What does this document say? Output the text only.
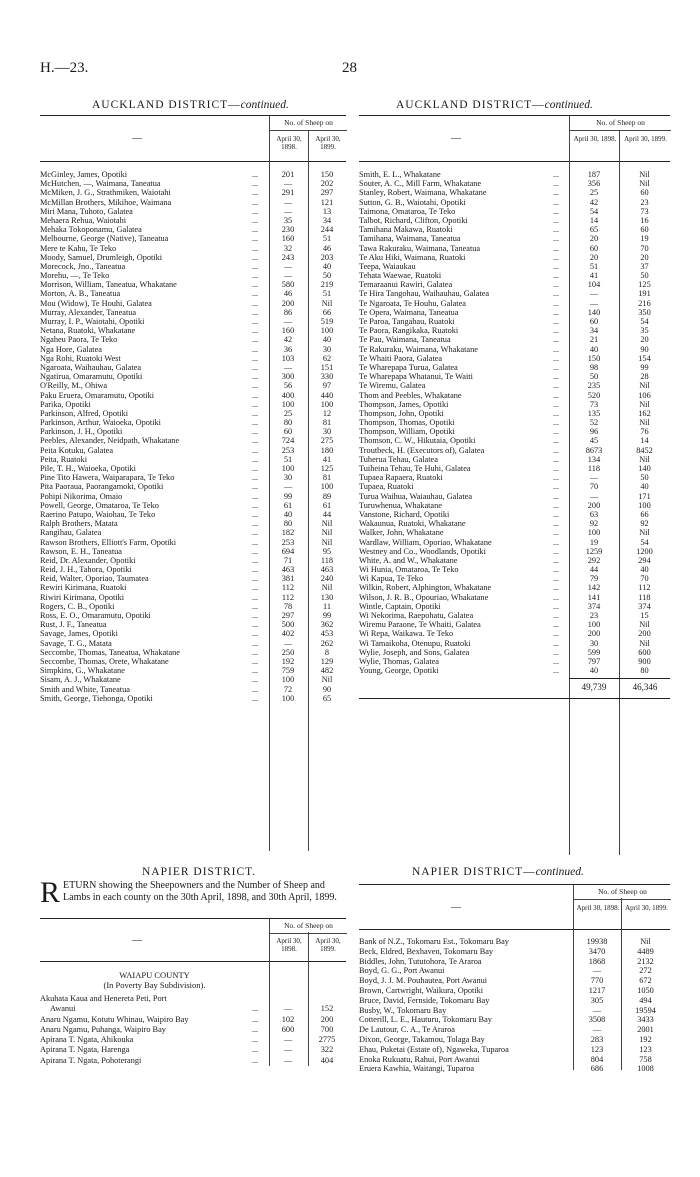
H.—23.	28
AUCKLAND DISTRICT—continued.
—
No. of Sheep on
April 30, 1898.
April 30, 1899.
McGinley, James, Opotiki	...	201	150
McHutchen, —, Waimana, Taneatua	...	—	202
McMiken, J. G., Strathmiken, Waiotahi	...	291	297
McMillan Brothers, Mikihoe, Waimana	...	—	121
Miri Mana, Tuhoto, Galatea	...	—	13
Mehaera Rehua, Waiotahi	...	35	34
Mehaka Tokoponamu, Galatea	...	230	244
Melbourne, George (Native), Taneatua	...	160	51
Mere te Kahu, Te Teko	...	32	46
Moody, Samuel, Drumleigh, Opotiki	...	243	203
Morecock, Jno., Taneatua	...	—	40
Morehu, —, Te Teko	...	—	50
Morrison, William, Taneatua, Whakatane	...	580	219
Morton, A. B., Taneatua	...	46	51
Mou (Widow), Te Houhi, Galatea	...	200	Nil
Murray, Alexander, Taneatua	...	86	66
Murray, I. P., Waiotahi, Opotiki	...	—	519
Netana, Ruatoki, Whakatane	...	160	100
Ngaheu Paora, Te Teko	...	42	40
Nga Hore, Galatea	...	36	30
Nga Rohi, Ruatoki West	...	103	62
Ngaroata, Waihauhau, Galatea	...	—	151
Ngatirua, Omaramutu, Opotiki	...	300	330
O'Reilly, M., Ohiwa	...	56	97
Paku Eruera, Omaramutu, Opotiki	...	400	440
Parika, Opotiki	...	100	100
Parkinson, Alfred, Opotiki	...	25	12
Parkinson, Arthur, Waioeka, Opotiki	...	80	81
Parkinson, J. H., Opotiki	...	60	30
Peebles, Alexander, Neidpath, Whakatane	...	724	275
Peita Kotuku, Galatea	...	253	180
Peita, Ruatoki	...	51	41
Pile, T. H., Waioeka, Opotiki	...	100	125
Pine Tito Hawera, Waiparapara, Te Teko	...	30	81
Pita Paoraua, Paorangamoki, Opotiki	...	—	100
Pohipi Nikorima, Omaio	...	99	89
Powell, George, Omataroa, Te Teko	...	61	61
Raerino Patupo, Waiohau, Te Teko	...	40	44
Ralph Brothers, Matata	...	80	Nil
Rangihau, Galatea	...	182	Nil
Rawson Brothers, Elliott's Farm, Opotiki	...	253	Nil
Rawson, E. H., Taneatua	...	694	95
Reid, Dr. Alexander, Opotiki	...	71	118
Reid, J. H., Tahora, Opotiki	...	463	463
Reid, Walter, Oporiao, Taumatea	...	381	240
Rewiri Kirimana, Ruatoki	...	112	Nil
Riwiri Kirimana, Opotiki	...	112	130
Rogers, C. B., Opotiki	...	78	11
Ross, E. O., Omaramutu, Opotiki	...	297	99
Rust, J. F., Taneatua	...	500	362
Savage, James, Opotiki	...	402	453
Savage, T. G., Matata	...	—	262
Seccombe, Thomas, Taneatua, Whakatane	...	250	8
Seccombe, Thomas, Orete, Whakatane	...	192	129
Simpkins, G., Whakatane	...	759	482
Sisam, A. J., Whakatane	...	100	Nil
Smith and White, Taneatua	...	72	90
Smith, George, Tiehonga, Opotiki	...	100	65
AUCKLAND DISTRICT—continued.
—
No. of Sheep on
April 30, 1898.	April 30, 1899.
Smith, E. L., Whakatane	...	187	Nil
Souter, A. C., Mill Farm, Whakatane	...	356	Nil
Stanley, Robert, Waimana, Whakatane	...	25	60
Sutton, G. B., Waiotahi, Opotiki	...	42	23
Taimona, Omataroa, Te Teko	...	54	73
Talbot, Richard, Clifton, Opotiki	...	14	16
Tamihana Makawa, Ruatoki	...	65	60
Tamihana, Waimana, Taneatua	...	20	19
Tawa Rakuraku, Waimana, Taneatua	...	60	70
Te Aku Hiki, Waimana, Ruatoki	...	20	20
Teepa, Waiaukau	...	51	37
Tehata Waewae, Ruatoki	...	41	50
Temaraanui Rawiri, Galatea	...	104	125
Te Hira Tangohau, Waihauhau, Galatea	...	—	191
Te Ngaroata, Te Houhu, Galatea	...	—	216
Te Opera, Waimana, Taneatua	...	140	350
Te Paroa, Tangahau, Ruatoki	...	60	54
Te Paora, Rangikaka, Ruatoki	...	34	35
Te Pau, Waimana, Taneatua	...	21	20
Te Rakuraku, Waimana, Whakatane	...	40	90
Te Whaiti Paora, Galatea	...	150	154
Te Wharepapa Turua, Galatea	...	98	99
Te Wharepapa Whatanui, Te Waiti	...	50	28
Te Wiremu, Galatea	...	235	Nil
Thom and Peebles, Whakatane	...	520	106
Thompson, James, Opotiki	...	73	Nil
Thompson, John, Opotiki	...	135	162
Thompson, Thomas, Opotiki	...	52	Nil
Thompson, William, Opotiki	...	96	76
Thomson, C. W., Hikutaia, Opotiki	...	45	14
Troutbeck, H. (Executors of), Galatea	...	8673	8452
Tuherua Tehau, Galatea	...	134	Nil
Tuiheina Tehau, Te Huhi, Galatea	...	118	140
Tupaea Rapaera, Ruatoki	...	—	50
Tupaea, Ruatoki	...	70	40
Turua Waihua, Waiauhau, Galatea	...	—	171
Turuwhenua, Whakatane	...	200	100
Vanstone, Richard, Opotiki	...	63	66
Wakaunua, Ruatoki, Whakatane	...	92	92
Walker, John, Whakatane	...	100	Nil
Wardlaw, William, Oporiao, Whakatane	...	19	54
Westney and Co., Woodlands, Opotiki	...	1259	1200
White, A. and W., Whakatane	...	292	294
Wi Hunia, Omataroa, Te Teko	...	44	40
Wi Kapua, Te Teko	...	79	70
Wilkin, Robert, Alphington, Whakatane	...	142	112
Wilson, J. R. B., Opouriao, Whakatane	...	141	118
Wintle, Captain, Opotiki	...	374	374
Wi Nekorima, Raepohatu, Galatea	...	23	15
Wiremu Paraone, Te Whaiti, Galatea	...	100	Nil
Wi Repa, Waikawa. Te Teko	...	200	200
Wi Tamaikoha, Otenupu, Ruatoki	...	30	Nil
Wylie, Joseph, and Sons, Galatea	...	599	600
Wylie, Thomas, Galatea	...	797	900
Young, George, Opotiki	...	40	80
49,739	46,346
NAPIER DISTRICT.
RETURN showing the Sheepowners and the Number of Sheep and Lambs in each county on the 30th April, 1898, and 30th April, 1899.
—
No. of Sheep on
April 30, 1898.
April 30, 1899.
WAIAPU COUNTY
(In Poverty Bay Subdivision).
Akuhata Kaua and Henereta Peti, Port
Awanui	...	—	152
Anaru Ngamu, Kotutu Whinau, Waipiro Bay	...	102	200
Anaru Ngamu, Puhanga, Waipiro Bay	...	600	700
Apirana T. Ngata, Ahikouka	...	—	2775
Apirana T. Ngata, Harenga	...	—	322
Apirana T. Ngata, Pohoterangi	...	—	404
NAPIER DISTRICT—continued.
—
No. of Sheep on
April 30, 1898. April 30, 1899.
Bank of N.Z., Tokomaru Est., Tokomaru Bay	19938	Nil
Beck, Eldred, Bexhaven, Tokomaru Bay	3470	4489
Biddles, John, Tututohora, Te Araroa	1868	2132
Boyd, G. G., Port Awanui	—	272
Boyd, J. J. M. Pouhautea, Port Awanui	770	672
Brown, Cartwright, Waikura, Opotiki	1217	1050
Bruce, David, Fernside, Tokomaru Bay	305	494
Busby, W., Tokomaru Bay	—	19594
Cotterill, L. E., Hauturu, Tokomaru Bay	3508	3433
De Lautour, C. A., Te Araroa	—	2001
Dixon, George, Takamou, Tolaga Bay	283	192
Ehau, Puketai (Estate of), Ngaweka, Tuparoa	123	123
Enoka Rukuatu, Rahui, Port Awanui	804	758
Eruera Kawhia, Waitangi, Tuparoa	686	1008
